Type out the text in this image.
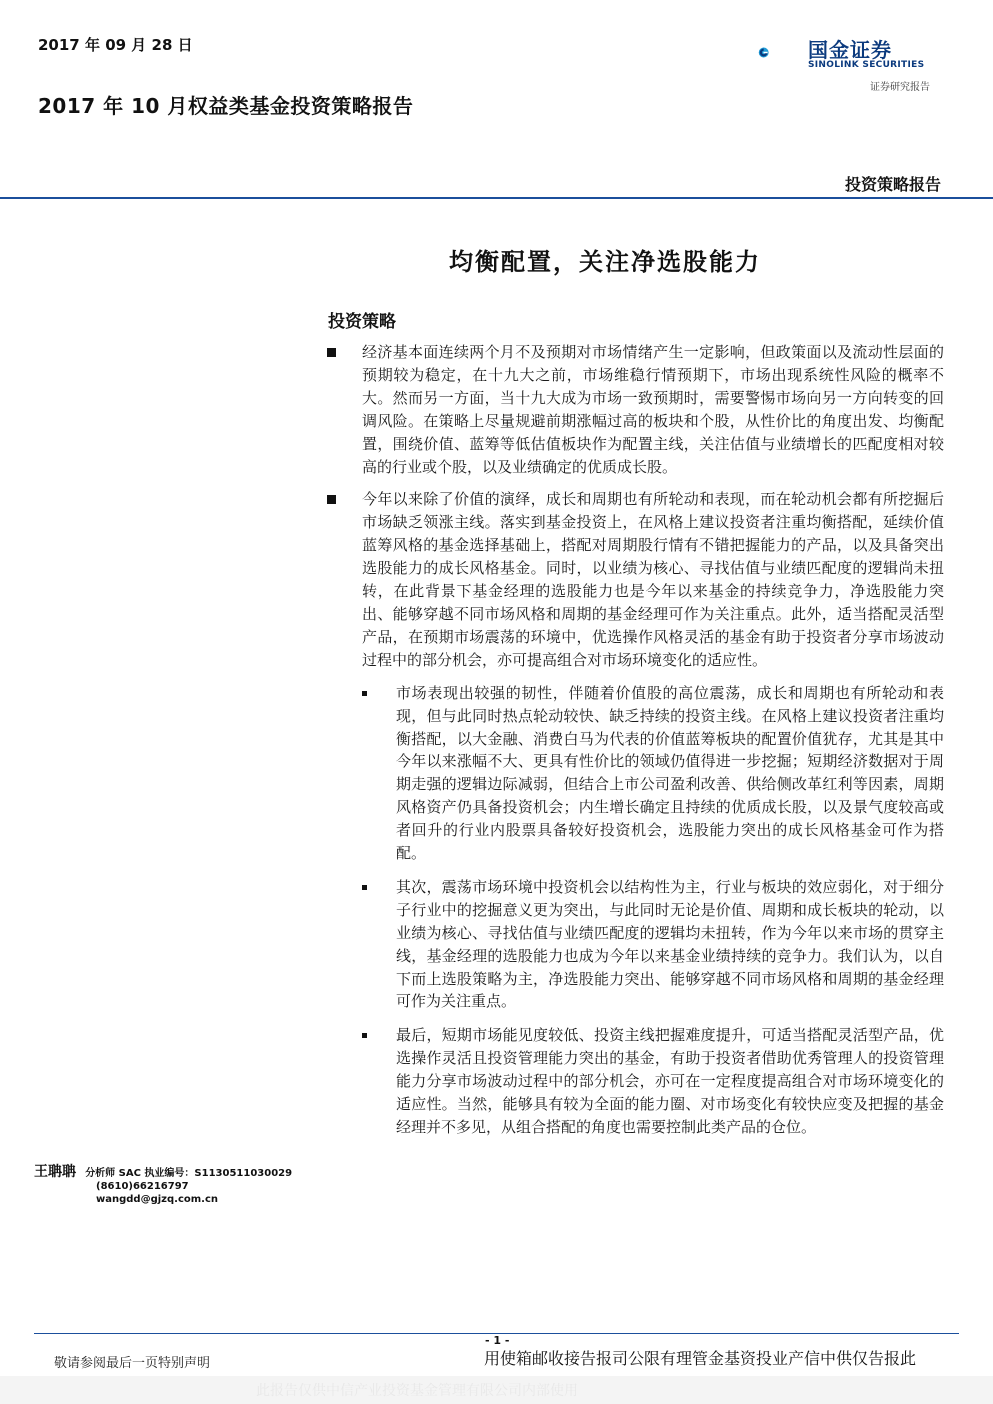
2017 年 09 月 28 日
2017 年 10 月权益类基金投资策略报告
国金证券
SINOLINK SECURITIES
证券研究报告
投资策略报告
均衡配置，关注净选股能力
投资策略
经济基本面连续两个月不及预期对市场情绪产生一定影响，但政策面以及流动性层面的预期较为稳定，在十九大之前，市场维稳行情预期下，市场出现系统性风险的概率不大。然而另一方面，当十九大成为市场一致预期时，需要警惕市场向另一方向转变的回调风险。在策略上尽量规避前期涨幅过高的板块和个股，从性价比的角度出发、均衡配置，围绕价值、蓝筹等低估值板块作为配置主线，关注估值与业绩增长的匹配度相对较高的行业或个股，以及业绩确定的优质成长股。
今年以来除了价值的演绎，成长和周期也有所轮动和表现，而在轮动机会都有所挖掘后市场缺乏领涨主线。落实到基金投资上，在风格上建议投资者注重均衡搭配，延续价值蓝筹风格的基金选择基础上，搭配对周期股行情有不错把握能力的产品，以及具备突出选股能力的成长风格基金。同时，以业绩为核心、寻找估值与业绩匹配度的逻辑尚未扭转，在此背景下基金经理的选股能力也是今年以来基金的持续竞争力，净选股能力突出、能够穿越不同市场风格和周期的基金经理可作为关注重点。此外，适当搭配灵活型产品，在预期市场震荡的环境中，优选操作风格灵活的基金有助于投资者分享市场波动过程中的部分机会，亦可提高组合对市场环境变化的适应性。
市场表现出较强的韧性，伴随着价值股的高位震荡，成长和周期也有所轮动和表现，但与此同时热点轮动较快、缺乏持续的投资主线。在风格上建议投资者注重均衡搭配，以大金融、消费白马为代表的价值蓝筹板块的配置价值犹存，尤其是其中今年以来涨幅不大、更具有性价比的领域仍值得进一步挖掘；短期经济数据对于周期走强的逻辑边际减弱，但结合上市公司盈利改善、供给侧改革红利等因素，周期风格资产仍具备投资机会；内生增长确定且持续的优质成长股，以及景气度较高或者回升的行业内股票具备较好投资机会，选股能力突出的成长风格基金可作为搭配。
其次，震荡市场环境中投资机会以结构性为主，行业与板块的效应弱化，对于细分子行业中的挖掘意义更为突出，与此同时无论是价值、周期和成长板块的轮动，以业绩为核心、寻找估值与业绩匹配度的逻辑均未扭转，作为今年以来市场的贯穿主线，基金经理的选股能力也成为今年以来基金业绩持续的竞争力。我们认为，以自下而上选股策略为主，净选股能力突出、能够穿越不同市场风格和周期的基金经理可作为关注重点。
最后，短期市场能见度较低、投资主线把握难度提升，可适当搭配灵活型产品，优选操作灵活且投资管理能力突出的基金，有助于投资者借助优秀管理人的投资管理能力分享市场波动过程中的部分机会，亦可在一定程度提高组合对市场环境变化的适应性。当然，能够具有较为全面的能力圈、对市场变化有较快应变及把握的基金经理并不多见，从组合搭配的角度也需要控制此类产品的仓位。
王聃聃 分析师 SAC 执业编号：S1130511030029
(8610)66216797
wangdd@gjzq.com.cn
- 1 -
敬请参阅最后一页特别声明	用使箱邮收接告报司公限有理管金基资投业产信中供仅告报此
此报告仅供中信产业投资基金管理有限公司内部使用
